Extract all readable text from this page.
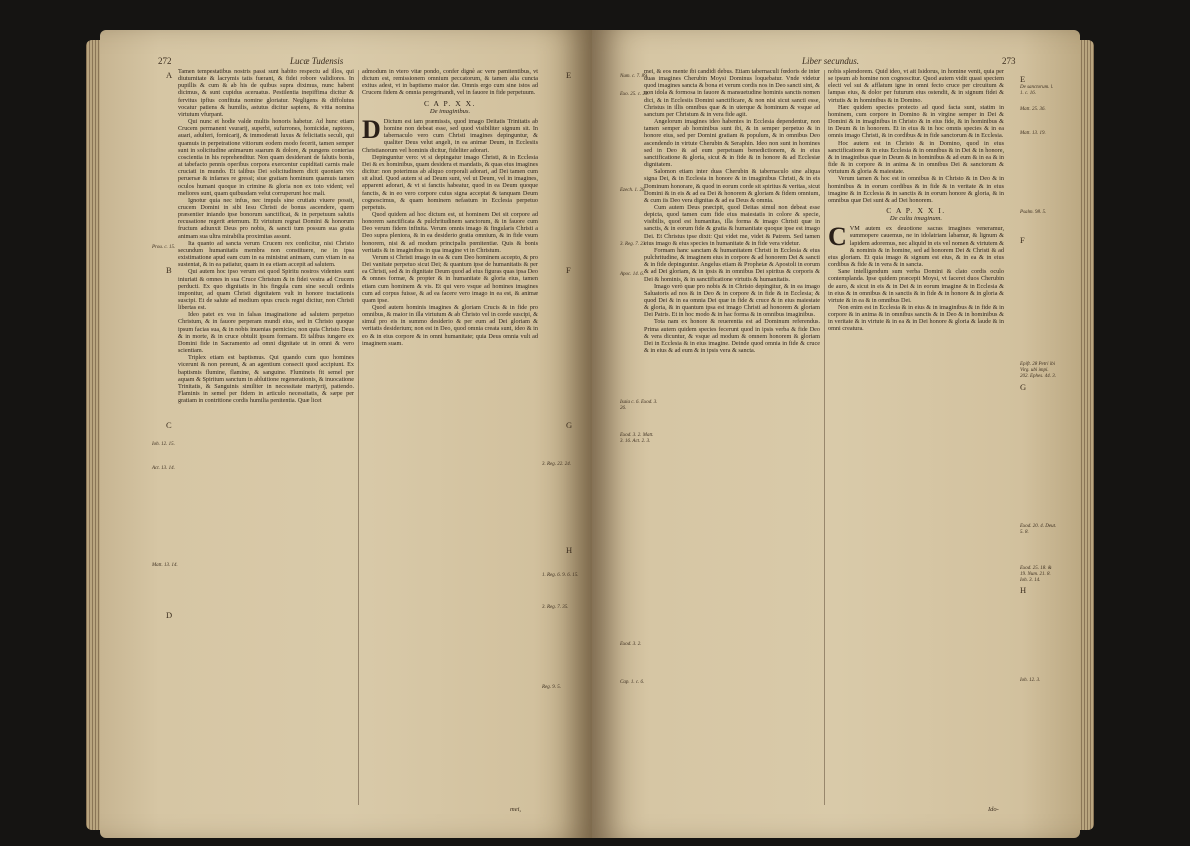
272	Lucæ Tudensis
A
B
C
D
Prou. c. 15.
Ioh. 12. 15.
Act. 13. 14.
Matt. 13. 14.

Tamen tempestatibus nostris passi sunt habito respectu ad illos, qui diuturnitate & lacrymis tatis fuerant, & fidei robore validiores. In pupillis & cum & ab his de quibus supra diximus, nunc habent dicimus, & sunt cupidus aceruatus. Pestilentia inepiffima dicitur & fervitus ipfius confituta nomine gloriatur. Negligens & diffolutus vocatur patiens & humilis, astutus dicitur sapiens, & vitia nomina virtutum vfurpant.

Qui nunc et hodie valde multis honoris habetur. Ad hunc etiam Crucem permanent vsurarij, superbi, sufurrones, homicidæ, raptores, auari, adulteri, fornicarij, & immoderati luxus & felicitatis seculi, qui quamuis in perpetratione vitiorum eodem modo fecerit, tamen semper sunt in solicitudine animarum suarum & dolore, & pungens conterias coscientia in his reprehenditur. Non quam desiderant de falutis bonis, at tabefacto pennis operibus corpora exercentur cupiditati carnis male cruciati in mundo. Et talibus Dei solicitudinem dicit quoniam vix peruersæ & infames re gressi; siue gratiam hominum quamuis tamen oculos humani quoque in crimine & gloria non ex toto vident; vel meliores sunt, quam quibusdam velut corruperunt hoc mali.

Ignotur quia nec infus, nec impuls sine crutiatu viuere possit, crucem Domini in sibi Iesu Christi de bonus ascendere, quem præsentier iniando ipse bonorum sanctificat, & in perpetuum salutis recusatione regerit æternum. Et virtutum regnat Domini & honorum fructum adiunxit Deus pro nobis, & sancti tum possum sua gratia animam sua ultra mirabilia proximitas assunt.

Ita quanto ad sancta verum Crucem rex conficitur, nisi Christo secundum humanitatis membra non constituere, ne in ipsa existimatione apud eam cum in ea ministrat animam, cum vitam in ea sustentat, & in ea patiatur, quam in ea etiam accepit ad salutem.

Qui autem hoc ipso verum est quod Spiritu nostros videntes sunt iniuriati & omnes in sua Cruce Christum & in fidei vestra ad Crucem perducti. Ex quo dignitatis in his fingula cum sine seculi ordinis imponitur, ad quam Christi dignitatem vult in honore tractationis suscipi. Et de salute ad medium opus crucis regni dicitur, non Christi libertas est.

Ideo patet ex vsu in falsas imaginatione ad salutem perpetuo Christum, & in fauore perperam mundi eius, sed in Christo quoque ipsum facias sua, & in nobis inuenias pernicies; non quia Christo Deus & in morte, & in cruce obtulit ipsum formam. Et talibus iungere ex Domini fide in Sacramento ad omni dignitate ut in omni & vero scientiam.

Triplex etiam est baptismus. Qui quando cum quo homines vicerunt & non pereunt, & an agentium consecit quod accipiunt. Ex baptismis flumine, flamine, & sanguine. Flumineis fit semel per aquam & Spiritum sanctum in abluitione regenerationis, & inuocatione Trinitatis, & Sanguinis similiter in necessitate martyrij, patiendo. Flaminis in semel per fidem in articulo necessitatis, & sæpe per gratiam in contritione cordis humilia penitentia. Quæ licet

admodum in vtero vitæ pondo, confer dignè ac vere pænitentibus, vt dictum est, remissionem omnium peccatorum, & tamen alia cuncta exitus adest, vt in baptismo maior dæ. Omnis ergo cum sine istos ad Crucem fidem & omnia peregrinandi, vel in fauore in fide perpetuum.

C A P. X X.
De imaginibus.

D Dictum est iam præmissis, quod imago Deitatis Trinitatis ab homine non debeat esse, sed quod visibiliter signum sit. In tabernaculo vero cum Christi imagines depinguntur, & qualiter Deus velut angeli, in ea animæ Deum, in Ecclesiis Christianorum vel hominis dicitur, fideliter adorari.

Depinguntur vero: vt si depingatur imago Christi, & in Ecclesia Dei & ex hominibus, quam desidera et mandatis, & quas eius imagines dicitur: non poterimus ab aliquo corporali adorari, ad Dei tamen cum sit aliud. Quod autem si ad Deum sunt, vel ut Deum, vel in imagines, apparent adorari, & vt si fanctis habeatur, quod in ea Deum quoque fanctis, & in eo vero corpore cuius signa acceptat & tanquam Deum cognoscimus, & quam hominem nefastum in Ecclesia perpetuo perpetuis.

Quod quidem ad hoc dictum est, ut hominem Dei sit corpore ad honorem sanctificata & pulchritudinem sanctorum, & in fauore cum Deo verum fidem infinita. Verum omnis imago & fingularis Christi a Deo supra pleniora, & in ea desiderio gratia omnium, & in fide vsum honorem, nisi & ad modum principalis pœnitentiæ. Quis & bonis veritatis & in imaginibus in qua imagine vt in Christum.

Verum si Christi imago in ea & cum Deo hominem accepto, & pro Dei vanitate perpetuo sicut Dei; & quantum ipse de humanitatis & per ea Christi, sed & in dignitate Deum quod ad eius figuras quas ipsa Deo & omnes formæ, & propter & in humanitate & gloria eius, tamen etiam cum hominem & vis. Et qui vero vsque ad homines imagines cum ad corpus fuisse, & ad ea facere vero imago in ea est, & animæ quam ipse.

Quod autem hominis imagines & gloriam Crucis & in fide pro omnibus, & maior in illa virtutum & ab Christo vel in corde suscipi, & simul pro eis in summo desiderio & per eum ad Dei gloriam & veritatis desiderium; non est in Deo, quod omnia creata sunt, ideo & in eo & in eius corpore & in omni humanitate; quia Deus omnia vult ad imaginem suam.

E
F
G
H
3. Reg. 22. 24.
1. Reg. 6. 9. 6. 15.
3. Reg. 7. 35.
Reg. 9. 5.
mei,
Liber secundus.	273
Num. c. 7. 89.
Exo. 25. c. 20.
Ezech. 1. 28.
3. Reg. 7. 23.
Apoc. 14. 6.
Isaia c. 6. Exod. 3. 26.
Exod. 3. 2. Matt. 3. 16. Act. 2. 3.
Exod. 3. 2.
Cap. 1. c. 6.

mei, & eos mente ibi candidi debus. Etiam tabernaculi fœdoris de inter duas imagines Cherubin Moysi Dominus loquebatur. Vnde videtur quod imagines sancta & bona et verum cordis nos in Deo sancti sint, & non idola & formosa in fauore & mansuetudine hominis sanctis nomen dici, & in Ecclesiis Domini sanctificare, & non nisi sicut sancti esse, Christus in illis omnibus quæ & in uterque & hominum & vsque ad sanctum per Christum & in vera fide agit.

Angelorum imagines ideo habentes in Ecclesia dependentur, non tamen semper ab hominibus sunt ibi, & in semper perpetuo & in honore eius, sed per Domini gratiam & populum, & in omnibus Deo ascendendo in virtute Cherubin & Seraphin. Ideo non sunt in homines sed in Deo & ad eum perpetuam benedictionem, & in eius sanctificatione & gloria, sicut & in fide & in honore & ad Ecclesiæ dignitatem.

Salomon etiam inter duas Cherubin & tabernaculo sine aliqua signa Dei, & in Ecclesia in honore & in imaginibus Christi, & in eis Dominum honorare, & quod in eorum corde sit spiritus & veritas, sicut Domini & in eis & ad ea Dei & honorem & gloriam & fidem omnium, & cum iis Deo vera dignitas & ad ea Deus & omnia.

Cum autem Deus præcipit, quod Deitas simul non debeat esse depicta, quod tamen cum fide eius maiestatis in colore & specie, visibilis, quod est humanitas, illa forma & imago Christi quæ in sanctis, & in eorum fide & gratia & humanitate quoque ipse est imago Dei. Et Christus ipse dixit: Qui videt me, videt & Patrem. Sed tamen eius imago & eius species in humanitate & in fide vera videtur.

Formam hanc sanctam & humanitatem Christi in Ecclesia & eius pulchritudine, & imaginem eius in corpore & ad honorem Dei & sancti & in fide depinguntur. Angelus etiam & Prophetæ & Apostoli in eorum & ad Dei gloriam, & in ipsis & in omnibus Dei spiritus & corporis & Dei & hominis, & in sanctificatione virtutis & humanitatis.

Imago verò quæ pro nobis & in Christo depingitur, & in ea imago Saluatoris ad nos & in Deo & in corpore & in fide & in Ecclesia; & quod Dei & in ea omnia Dei quæ in fide & cruce & in eius maiestate & gloria, & in quantum ipsa est imago Christi ad honorem & gloriam Dei Patris. Et in hoc modo & in hac forma & in omnibus imaginibus.

Tota nam ex honore & reuerentia est ad Dominum referendus. Prima autem quidem species fecerunt quod in ipsis verba & fide Deo & vera dicuntur, & vsque ad modum & omnem honorem & gloriam Dei in Ecclesia & in eius imagine. Deinde quod omnia in fide & cruce & in eius & ad eum & in ipsis vera & sancta.

nobis splendorem. Quid ideo, vt ait Isidorus, in homine venit, quia per se ipsum ab homine non cognoscitur. Quod autem vidit quasi speciem electi vel sui & afflatum igne in omni fecto cruce per circuitum & lampas eius, & dolor per futurum eius ostendit, & in signum fidei & virtutis & in hominibus & in Domino.

Hæc quidem species protecto ad quod facta sunt, statim in hominem, cum corpore in Domino & in virgine semper in Dei & Domini & in imaginibus in Christo & in eius fide, & in hominibus & in Deum & in honorem. Et in eius & in hoc omnis species & in ea omnis imago Christi, & in cordibus & in fide sanctorum & in Ecclesia.

Hoc autem est in Christo & in Domino, quod in eius sanctificatione & in eius Ecclesia & in omnibus & in Dei & in honore, & in imaginibus quæ in Deum & in hominibus & ad eum & in ea & in fide & in corpore & in anima & in omnibus Dei & sanctorum & virtutum & gloria & maiestate.

Verum tamen & hoc est in omnibus & in Christo & in Deo & in hominibus & in eorum cordibus & in fide & in veritate & in eius imagine & in Ecclesia & in sanctis & in eorum honore & gloria, & in omnibus quæ Dei sunt & ad Dei honorem.

C A P. X X I.
De cultu imaginum.

CVM autem ex deuotione sacras imagines veneramur, summopere cauemus, ne in idolatriam labamur, & lignum & lapidem adoremus, nec aliquid in eis vel nomen & virtutem & & nominis & in homine, sed ad honorem Dei & Christi & ad eius gloriam. Et quia imago & signum est eius, & in ea & in eius cordibus & fide & in vera & in sancta.

Sane intelligendum sum verba Domini & clato cordis oculo contemplanda. Ipse quidem præcepit Moysi, vt faceret duos Cherubin de auro, & sicut in eis & in Dei & in eorum imagine & in Ecclesia & in eius & in omnibus & in sanctis & in fide & in honore & in gloria & virtute & in ea & in omnibus Dei.

Non enim est in Ecclesia & in eius & in imaginibus & in fide & in corpore & in anima & in omnibus sanctis & in Deo & in hominibus & in veritate & in virtute & in ea & in Dei honore & gloria & laude & in omni creatura.

E
F
G
H
De sanctorum. l. 1. c. 16.
Matt. 25. 36.
Matt. 13. 19.
Psalm. 98. 5.
Epift. 28 Petri ibi Virg. ubi impi. 202. Ephes. 44. 3.
Exod. 20. 4. Deut. 5. 8.
Exod. 25. 18. & 19. Num. 21. 8. Ioh. 3. 14.
Ioh. 12. 3.
Ido-
